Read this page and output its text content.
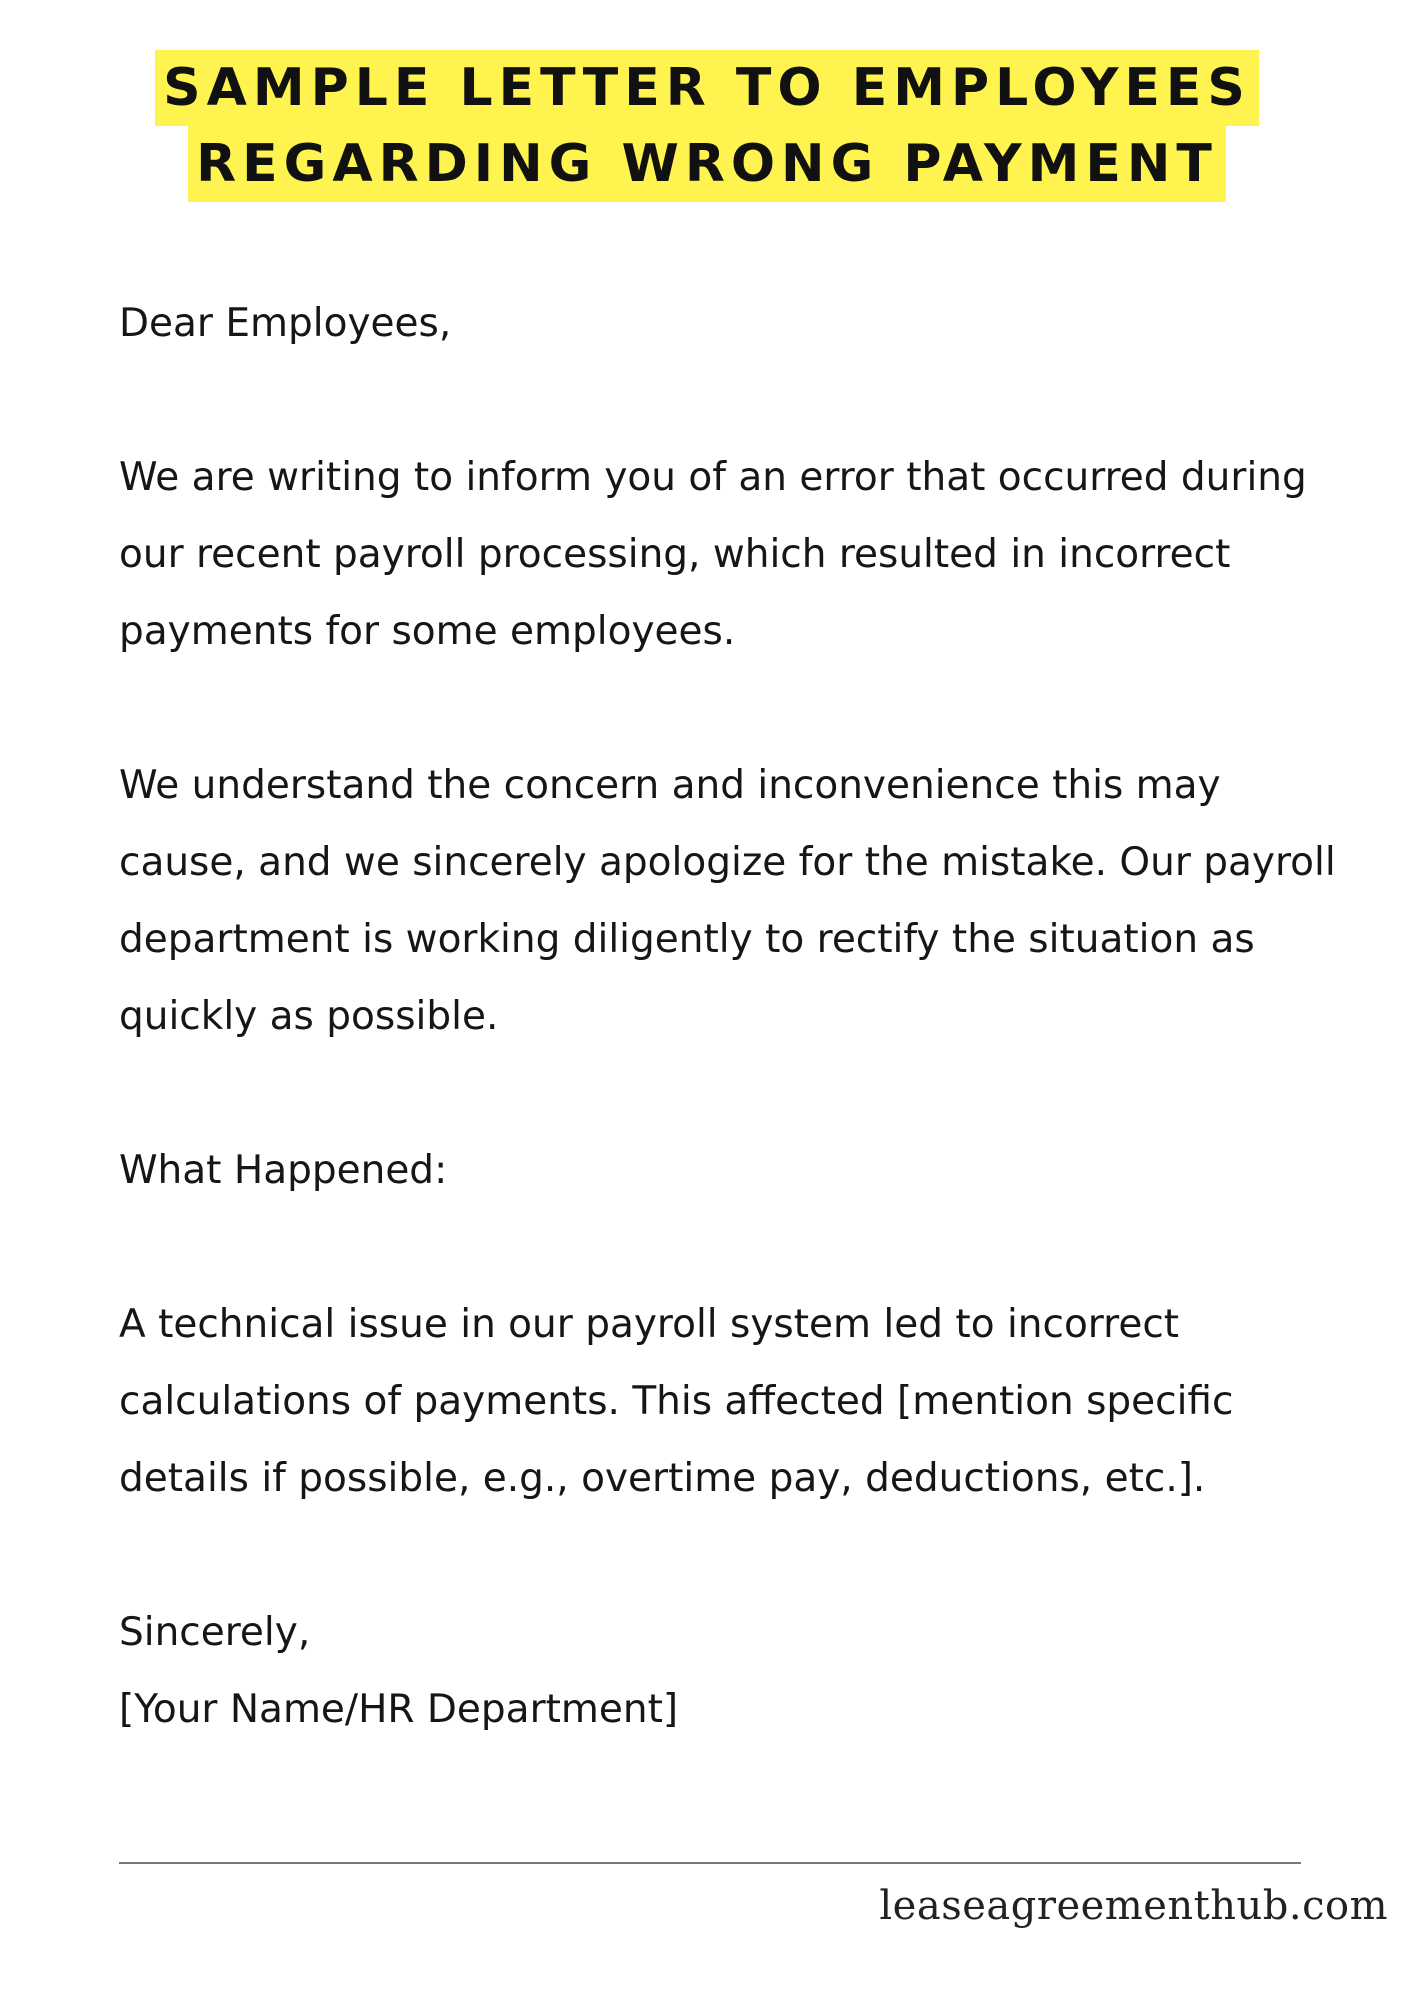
SAMPLE LETTER TO EMPLOYEES
REGARDING WRONG PAYMENT

Dear Employees,

We are writing to inform you of an error that occurred during our recent payroll processing, which resulted in incorrect payments for some employees.

We understand the concern and inconvenience this may cause, and we sincerely apologize for the mistake. Our payroll department is working diligently to rectify the situation as quickly as possible.

What Happened:

A technical issue in our payroll system led to incorrect calculations of payments. This affected [mention specific details if possible, e.g., overtime pay, deductions, etc.].

Sincerely,

[Your Name/HR Department]

leaseagreementhub.com
